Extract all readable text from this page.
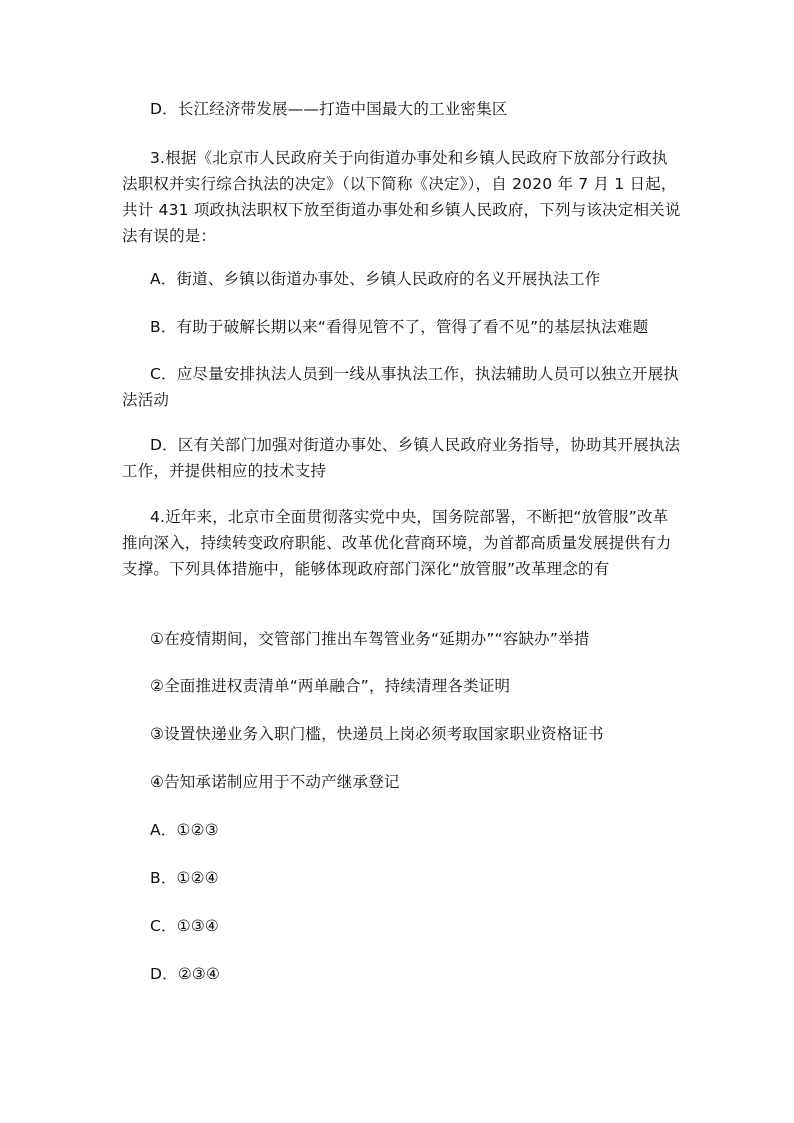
D．长江经济带发展——打造中国最大的工业密集区
3.根据《北京市人民政府关于向街道办事处和乡镇人民政府下放部分行政执法职权并实行综合执法的决定》（以下简称《决定》），自 2020 年 7 月 1 日起，共计 431 项政执法职权下放至街道办事处和乡镇人民政府，下列与该决定相关说法有误的是：
A．街道、乡镇以街道办事处、乡镇人民政府的名义开展执法工作
B．有助于破解长期以来“看得见管不了，管得了看不见”的基层执法难题
C．应尽量安排执法人员到一线从事执法工作，执法辅助人员可以独立开展执法活动
D．区有关部门加强对街道办事处、乡镇人民政府业务指导，协助其开展执法工作，并提供相应的技术支持
4.近年来，北京市全面贯彻落实党中央，国务院部署，不断把“放管服”改革推向深入，持续转变政府职能、改革优化营商环境，为首都高质量发展提供有力支撑。下列具体措施中，能够体现政府部门深化“放管服”改革理念的有
①在疫情期间，交管部门推出车驾管业务“延期办”“容缺办”举措
②全面推进权责清单“两单融合”，持续清理各类证明
③设置快递业务入职门槛，快递员上岗必须考取国家职业资格证书
④告知承诺制应用于不动产继承登记
A．①②③
B．①②④
C．①③④
D．②③④
